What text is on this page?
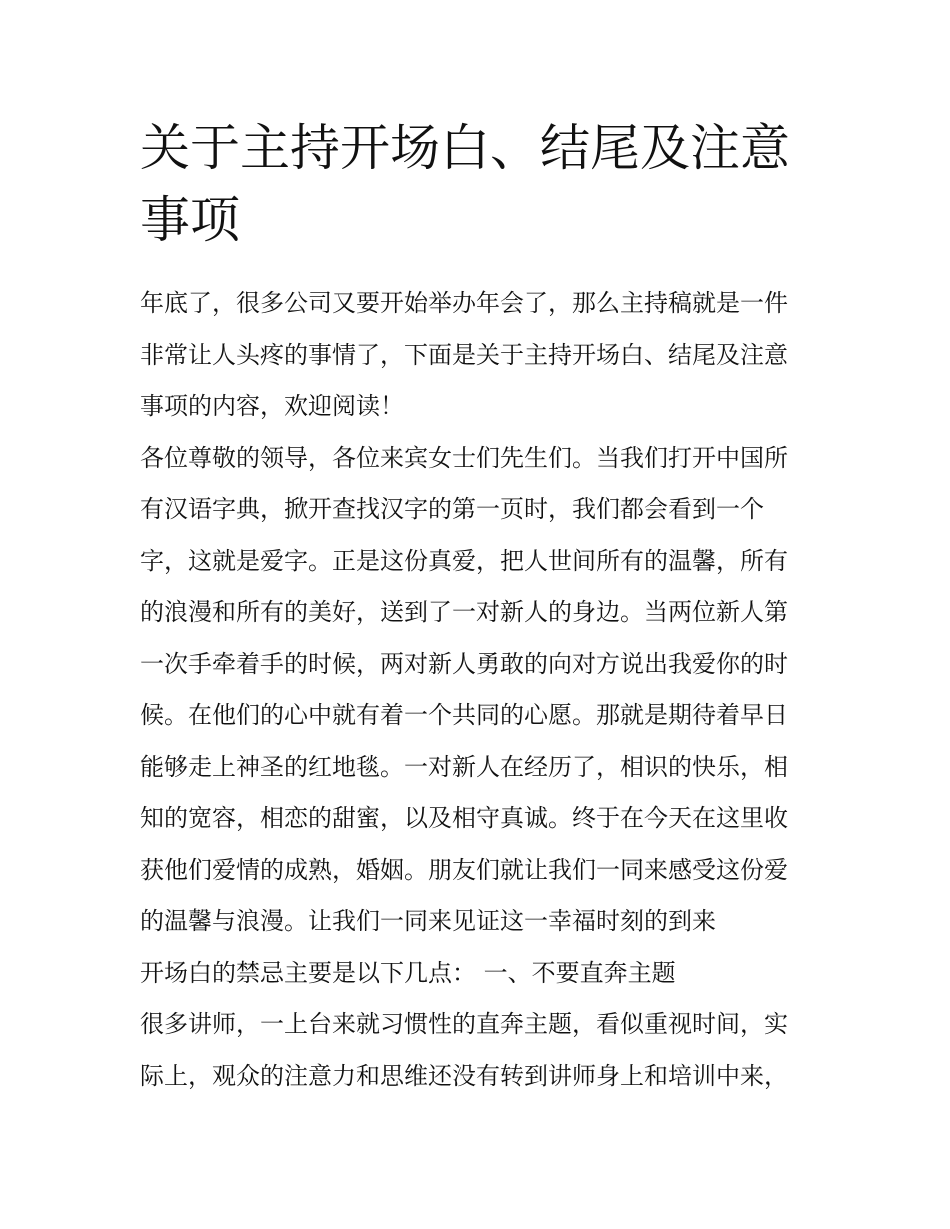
关于主持开场白、结尾及注意
事项

年底了，很多公司又要开始举办年会了，那么主持稿就是一件
非常让人头疼的事情了，下面是关于主持开场白、结尾及注意
事项的内容，欢迎阅读！

各位尊敬的领导，各位来宾女士们先生们。当我们打开中国所
有汉语字典，掀开查找汉字的第一页时，我们都会看到一个
字，这就是爱字。正是这份真爱，把人世间所有的温馨，所有
的浪漫和所有的美好，送到了一对新人的身边。当两位新人第
一次手牵着手的时候，两对新人勇敢的向对方说出我爱你的时
候。在他们的心中就有着一个共同的心愿。那就是期待着早日
能够走上神圣的红地毯。一对新人在经历了，相识的快乐，相
知的宽容，相恋的甜蜜，以及相守真诚。终于在今天在这里收
获他们爱情的成熟，婚姻。朋友们就让我们一同来感受这份爱
的温馨与浪漫。让我们一同来见证这一幸福时刻的到来

开场白的禁忌主要是以下几点： 一、不要直奔主题

很多讲师，一上台来就习惯性的直奔主题，看似重视时间，实
际上，观众的注意力和思维还没有转到讲师身上和培训中来，
